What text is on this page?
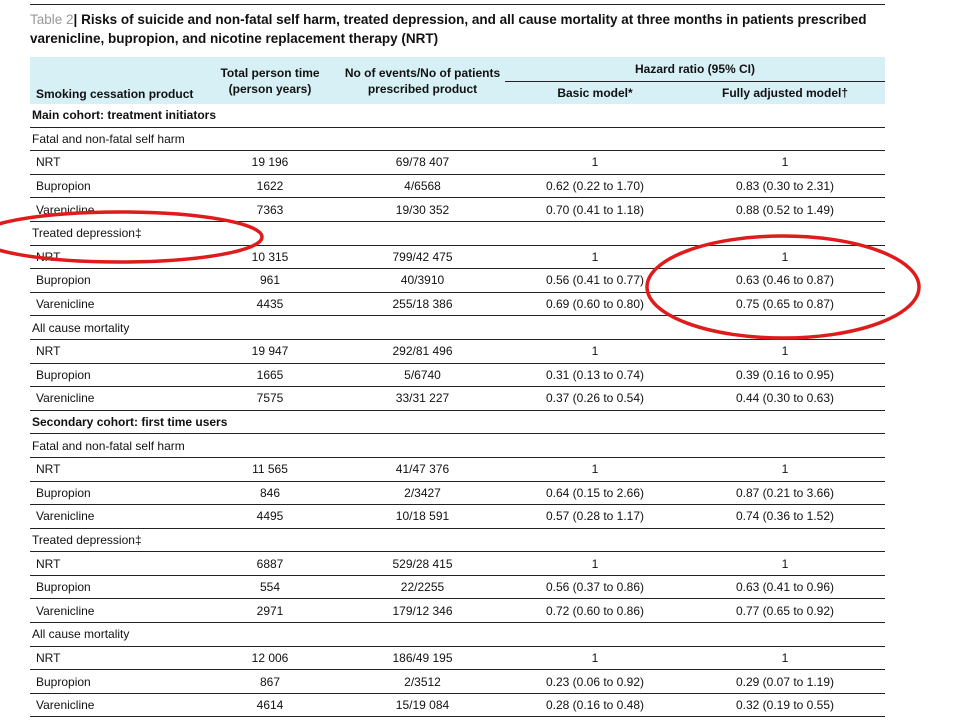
Table 2| Risks of suicide and non-fatal self harm, treated depression, and all cause mortality at three months in patients prescribed varenicline, bupropion, and nicotine replacement therapy (NRT)
Smoking cessation product	Total person time (person years)	No of events/No of patients prescribed product	Hazard ratio (95% CI)	
			Basic model*	Fully adjusted model†
Main cohort: treatment initiators				
Fatal and non-fatal self harm				
NRT	19 196	69/78 407	1	1
Bupropion	1622	4/6568	0.62 (0.22 to 1.70)	0.83 (0.30 to 2.31)
Varenicline	7363	19/30 352	0.70 (0.41 to 1.18)	0.88 (0.52 to 1.49)
Treated depression‡				
NRT	10 315	799/42 475	1	1
Bupropion	961	40/3910	0.56 (0.41 to 0.77)	0.63 (0.46 to 0.87)
Varenicline	4435	255/18 386	0.69 (0.60 to 0.80)	0.75 (0.65 to 0.87)
All cause mortality				
NRT	19 947	292/81 496	1	1
Bupropion	1665	5/6740	0.31 (0.13 to 0.74)	0.39 (0.16 to 0.95)
Varenicline	7575	33/31 227	0.37 (0.26 to 0.54)	0.44 (0.30 to 0.63)
Secondary cohort: first time users				
Fatal and non-fatal self harm				
NRT	11 565	41/47 376	1	1
Bupropion	846	2/3427	0.64 (0.15 to 2.66)	0.87 (0.21 to 3.66)
Varenicline	4495	10/18 591	0.57 (0.28 to 1.17)	0.74 (0.36 to 1.52)
Treated depression‡				
NRT	6887	529/28 415	1	1
Bupropion	554	22/2255	0.56 (0.37 to 0.86)	0.63 (0.41 to 0.96)
Varenicline	2971	179/12 346	0.72 (0.60 to 0.86)	0.77 (0.65 to 0.92)
All cause mortality				
NRT	12 006	186/49 195	1	1
Bupropion	867	2/3512	0.23 (0.06 to 0.92)	0.29 (0.07 to 1.19)
Varenicline	4614	15/19 084	0.28 (0.16 to 0.48)	0.32 (0.19 to 0.55)
